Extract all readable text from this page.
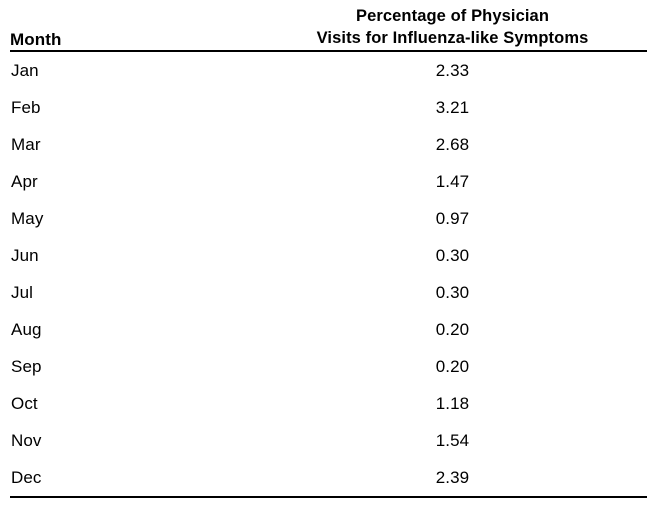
Month	Percentage of Physician
Visits for Influenza-like Symptoms

Jan	2.33
Feb	3.21
Mar	2.68
Apr	1.47
May	0.97
Jun	0.30
Jul	0.30
Aug	0.20
Sep	0.20
Oct	1.18
Nov	1.54
Dec	2.39
